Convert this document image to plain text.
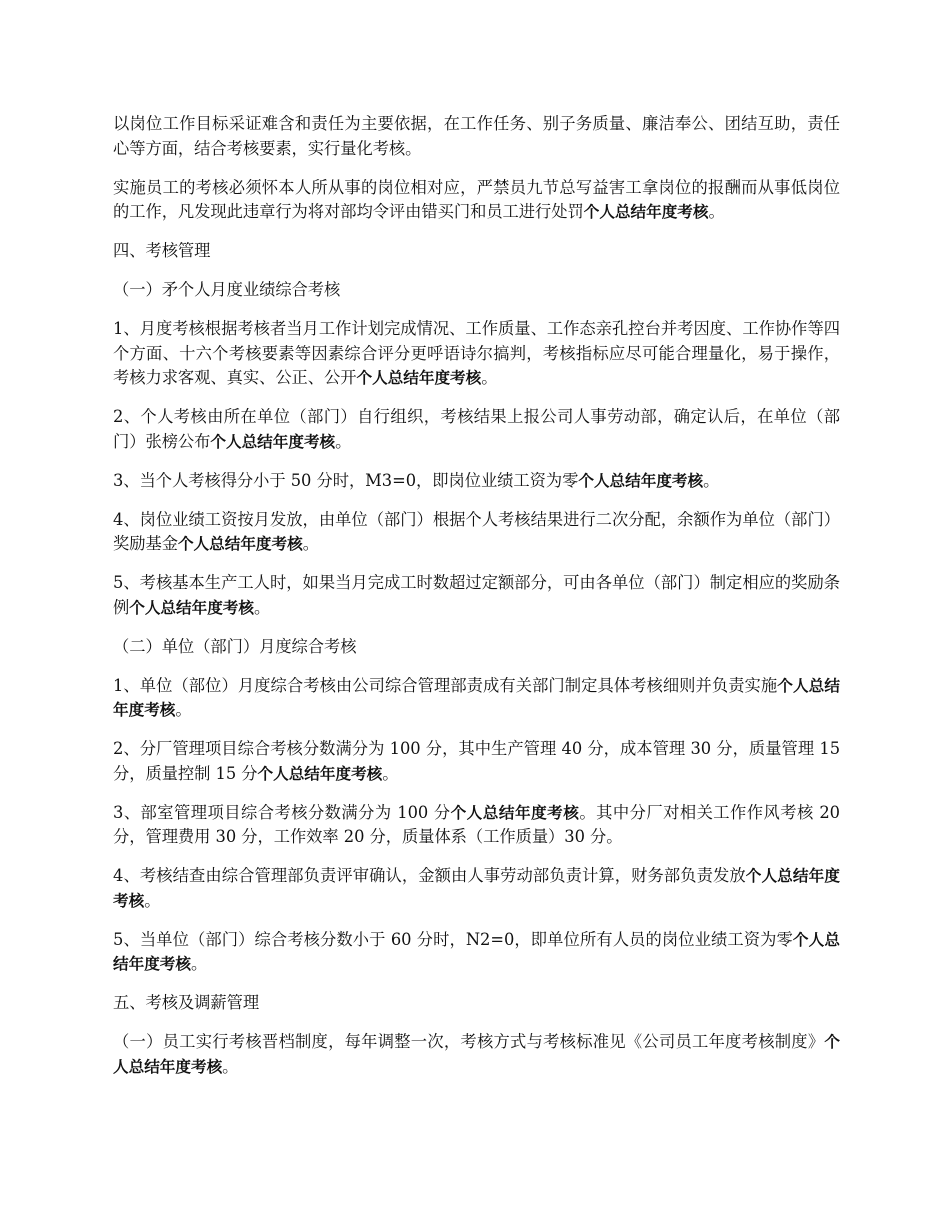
以岗位工作目标采证难含和责任为主要依据，在工作任务、别子务质量、廉洁奉公、团结互助，责任心等方面，结合考核要素，实行量化考核。

实施员工的考核必须怀本人所从事的岗位相对应，严禁员九节总写益害工拿岗位的报酬而从事低岗位的工作，凡发现此违章行为将对部均令评由错买门和员工进行处罚个人总结年度考核。

四、考核管理

（一）矛个人月度业绩综合考核

1、月度考核根据考核者当月工作计划完成情况、工作质量、工作态亲孔控台并考因度、工作协作等四个方面、十六个考核要素等因素综合评分更呼语诗尔搞判，考核指标应尽可能合理量化，易于操作，考核力求客观、真实、公正、公开个人总结年度考核。

2、个人考核由所在单位（部门）自行组织，考核结果上报公司人事劳动部，确定认后，在单位（部门）张榜公布个人总结年度考核。

3、当个人考核得分小于 50 分时，M3=0，即岗位业绩工资为零个人总结年度考核。

4、岗位业绩工资按月发放，由单位（部门）根据个人考核结果进行二次分配，余额作为单位（部门）奖励基金个人总结年度考核。

5、考核基本生产工人时，如果当月完成工时数超过定额部分，可由各单位（部门）制定相应的奖励条例个人总结年度考核。

（二）单位（部门）月度综合考核

1、单位（部位）月度综合考核由公司综合管理部责成有关部门制定具体考核细则并负责实施个人总结年度考核。

2、分厂管理项目综合考核分数满分为 100 分，其中生产管理 40 分，成本管理 30 分，质量管理 15 分，质量控制 15 分个人总结年度考核。

3、部室管理项目综合考核分数满分为 100 分个人总结年度考核。其中分厂对相关工作作风考核 20 分，管理费用 30 分，工作效率 20 分，质量体系（工作质量）30 分。

4、考核结查由综合管理部负责评审确认，金额由人事劳动部负责计算，财务部负责发放个人总结年度考核。

5、当单位（部门）综合考核分数小于 60 分时，N2=0，即单位所有人员的岗位业绩工资为零个人总结年度考核。

五、考核及调薪管理

（一）员工实行考核晋档制度，每年调整一次，考核方式与考核标准见《公司员工年度考核制度》个人总结年度考核。
